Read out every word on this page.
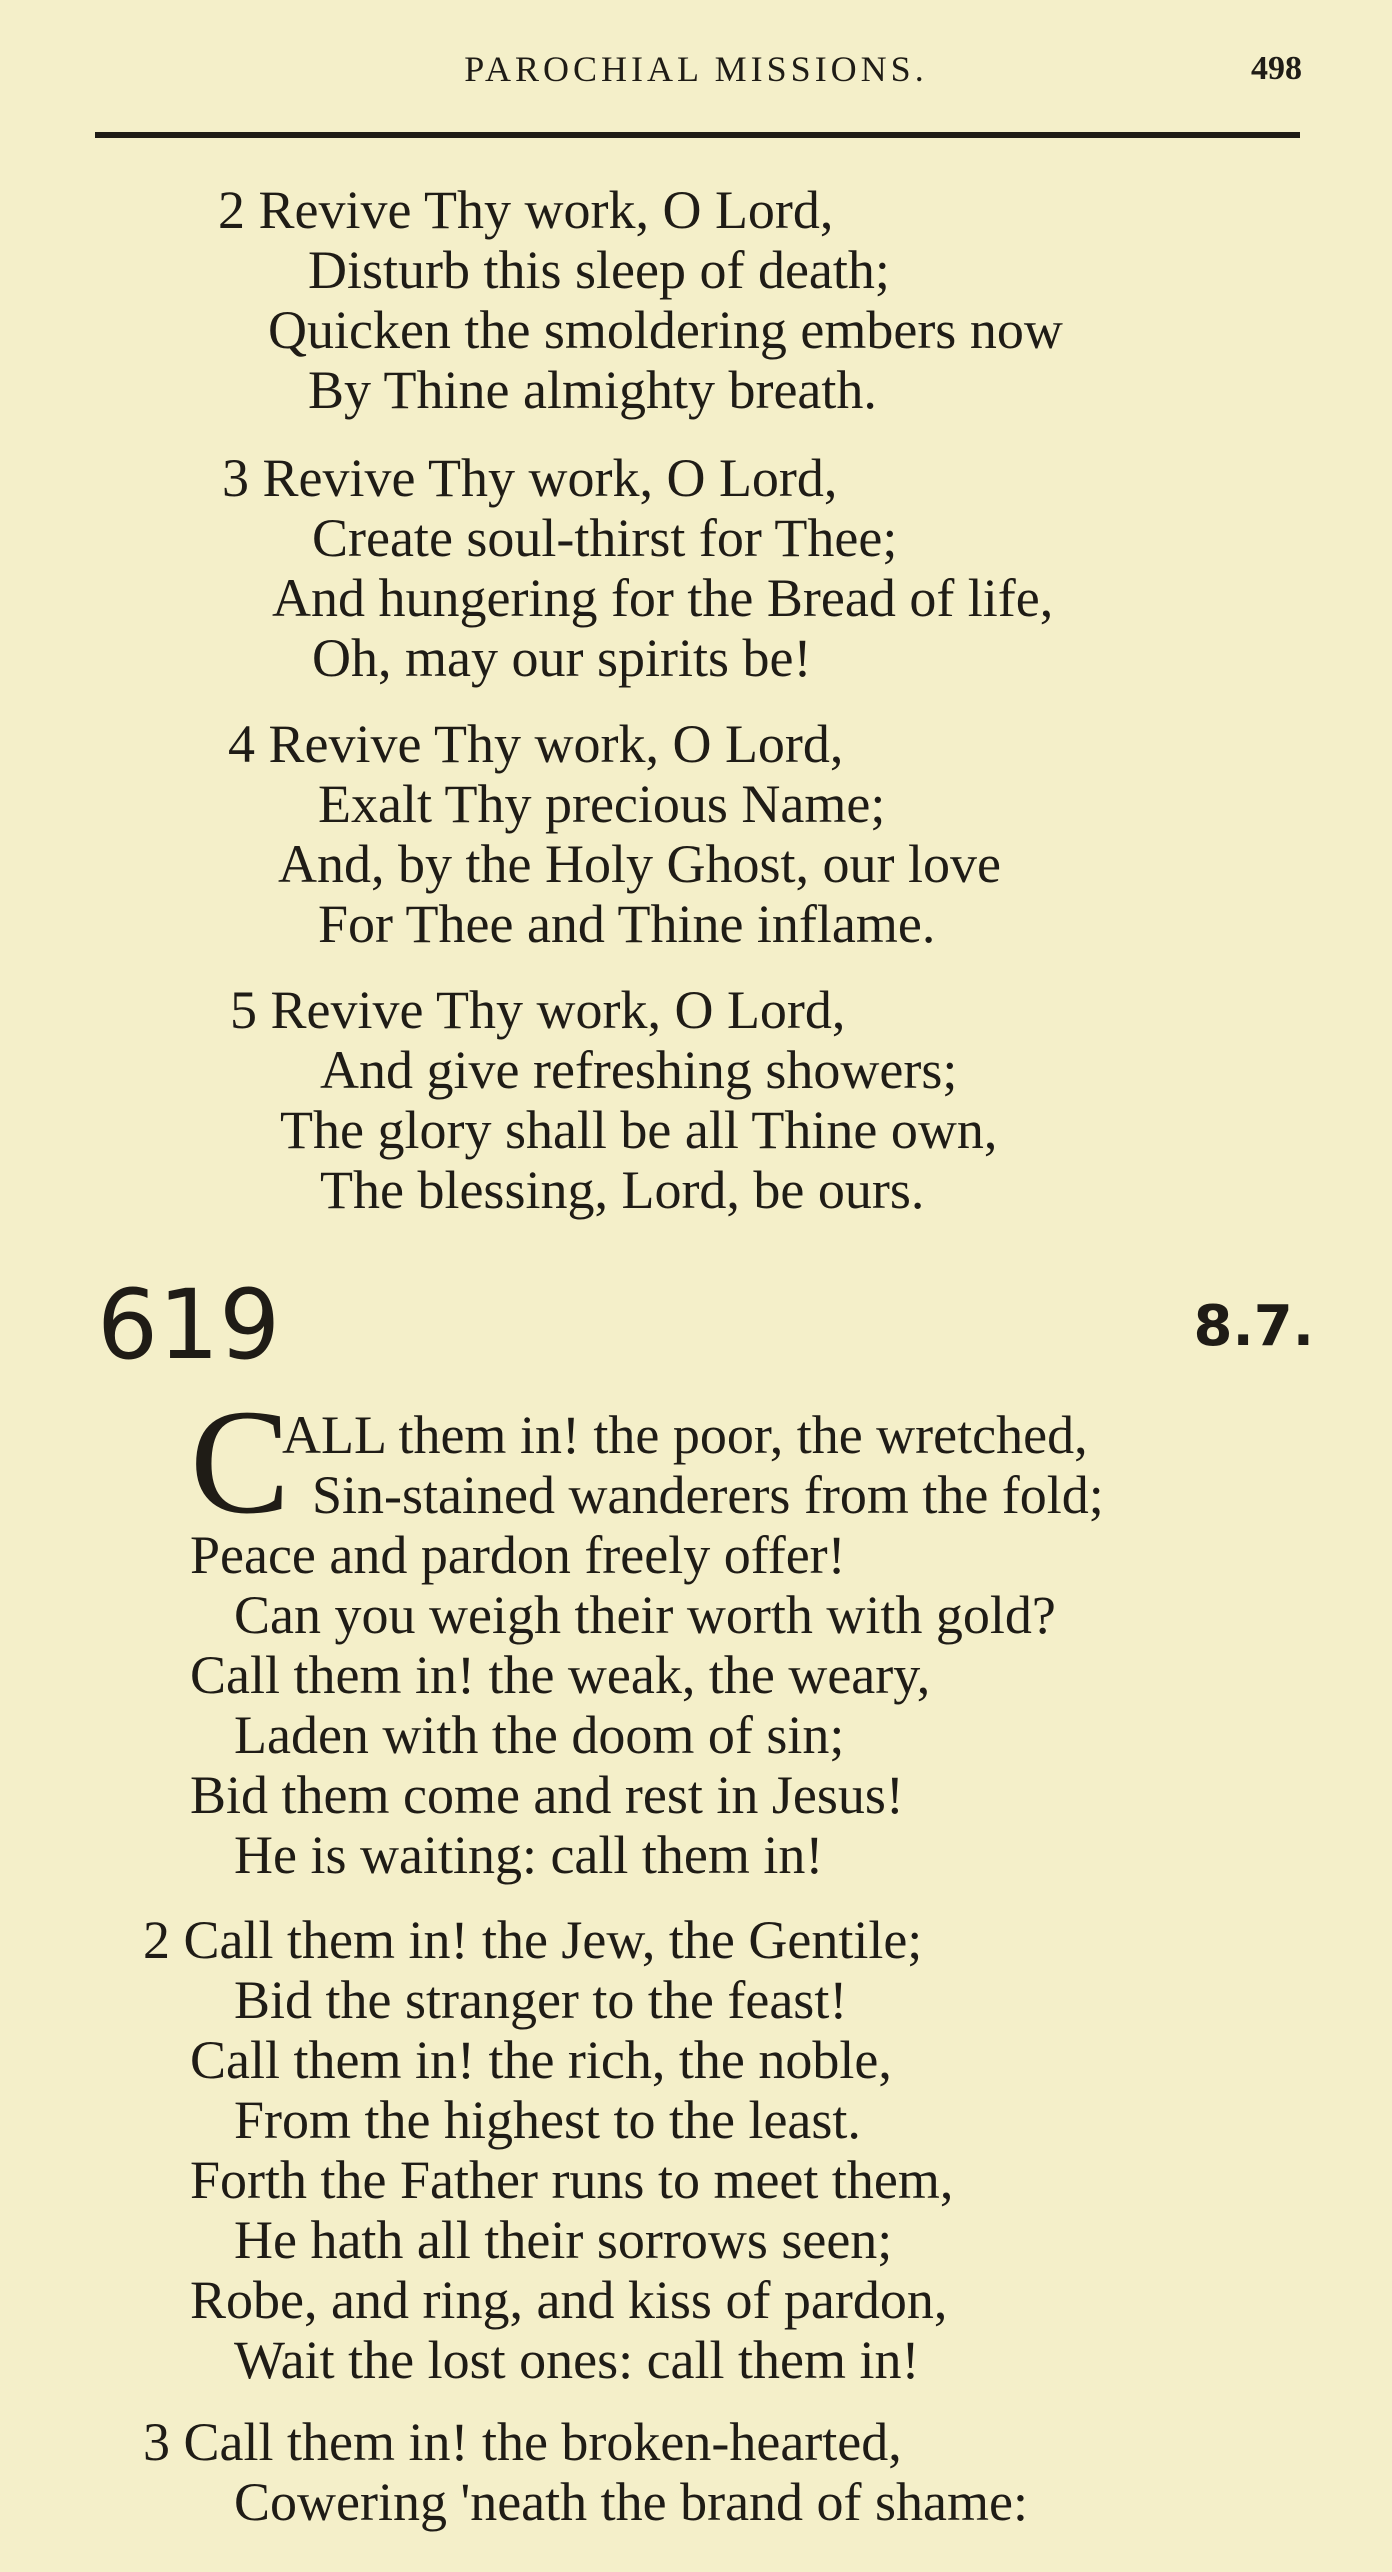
PAROCHIAL MISSIONS.	498
2 Revive Thy work, O Lord,
Disturb this sleep of death;
Quicken the smoldering embers now
By Thine almighty breath.
3 Revive Thy work, O Lord,
Create soul-thirst for Thee;
And hungering for the Bread of life,
Oh, may our spirits be!
4 Revive Thy work, O Lord,
Exalt Thy precious Name;
And, by the Holy Ghost, our love
For Thee and Thine inflame.
5 Revive Thy work, O Lord,
And give refreshing showers;
The glory shall be all Thine own,
The blessing, Lord, be ours.
619	8.7.
C
ALL them in! the poor, the wretched,
Sin-stained wanderers from the fold;
Peace and pardon freely offer!
Can you weigh their worth with gold?
Call them in! the weak, the weary,
Laden with the doom of sin;
Bid them come and rest in Jesus!
He is waiting: call them in!
2 Call them in! the Jew, the Gentile;
Bid the stranger to the feast!
Call them in! the rich, the noble,
From the highest to the least.
Forth the Father runs to meet them,
He hath all their sorrows seen;
Robe, and ring, and kiss of pardon,
Wait the lost ones: call them in!
3 Call them in! the broken-hearted,
Cowering 'neath the brand of shame:
